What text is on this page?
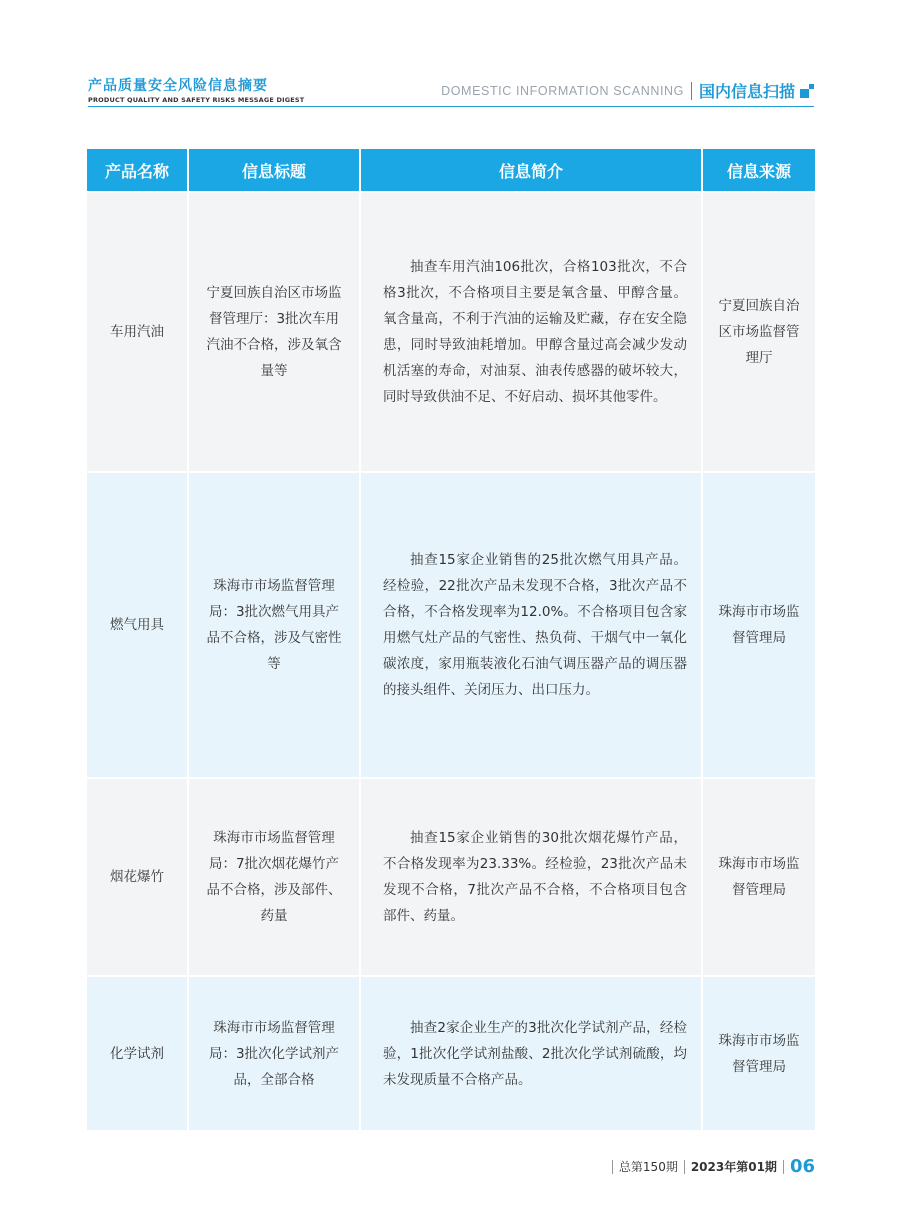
产品质量安全风险信息摘要
PRODUCT QUALITY AND SAFETY RISKS MESSAGE DIGEST
DOMESTIC INFORMATION SCANNING 国内信息扫描
产品名称	信息标题	信息简介	信息来源
车用汽油	宁夏回族自治区市场监督管理厅：3批次车用汽油不合格，涉及氧含量等	抽查车用汽油106批次，合格103批次，不合格3批次，不合格项目主要是氧含量、甲醇含量。氧含量高，不利于汽油的运输及贮藏，存在安全隐患，同时导致油耗增加。甲醇含量过高会减少发动机活塞的寿命，对油泵、油表传感器的破坏较大，同时导致供油不足、不好启动、损坏其他零件。	宁夏回族自治区市场监督管理厅
燃气用具	珠海市市场监督管理局：3批次燃气用具产品不合格，涉及气密性等	抽查15家企业销售的25批次燃气用具产品。经检验，22批次产品未发现不合格，3批次产品不合格，不合格发现率为12.0%。不合格项目包含家用燃气灶产品的气密性、热负荷、干烟气中一氧化碳浓度，家用瓶装液化石油气调压器产品的调压器的接头组件、关闭压力、出口压力。	珠海市市场监督管理局
烟花爆竹	珠海市市场监督管理局：7批次烟花爆竹产品不合格，涉及部件、药量	抽查15家企业销售的30批次烟花爆竹产品，不合格发现率为23.33%。经检验，23批次产品未发现不合格，7批次产品不合格，不合格项目包含部件、药量。	珠海市市场监督管理局
化学试剂	珠海市市场监督管理局：3批次化学试剂产品，全部合格	抽查2家企业生产的3批次化学试剂产品，经检验，1批次化学试剂盐酸、2批次化学试剂硫酸，均未发现质量不合格产品。	珠海市市场监督管理局
总第150期 2023年第01期 06
